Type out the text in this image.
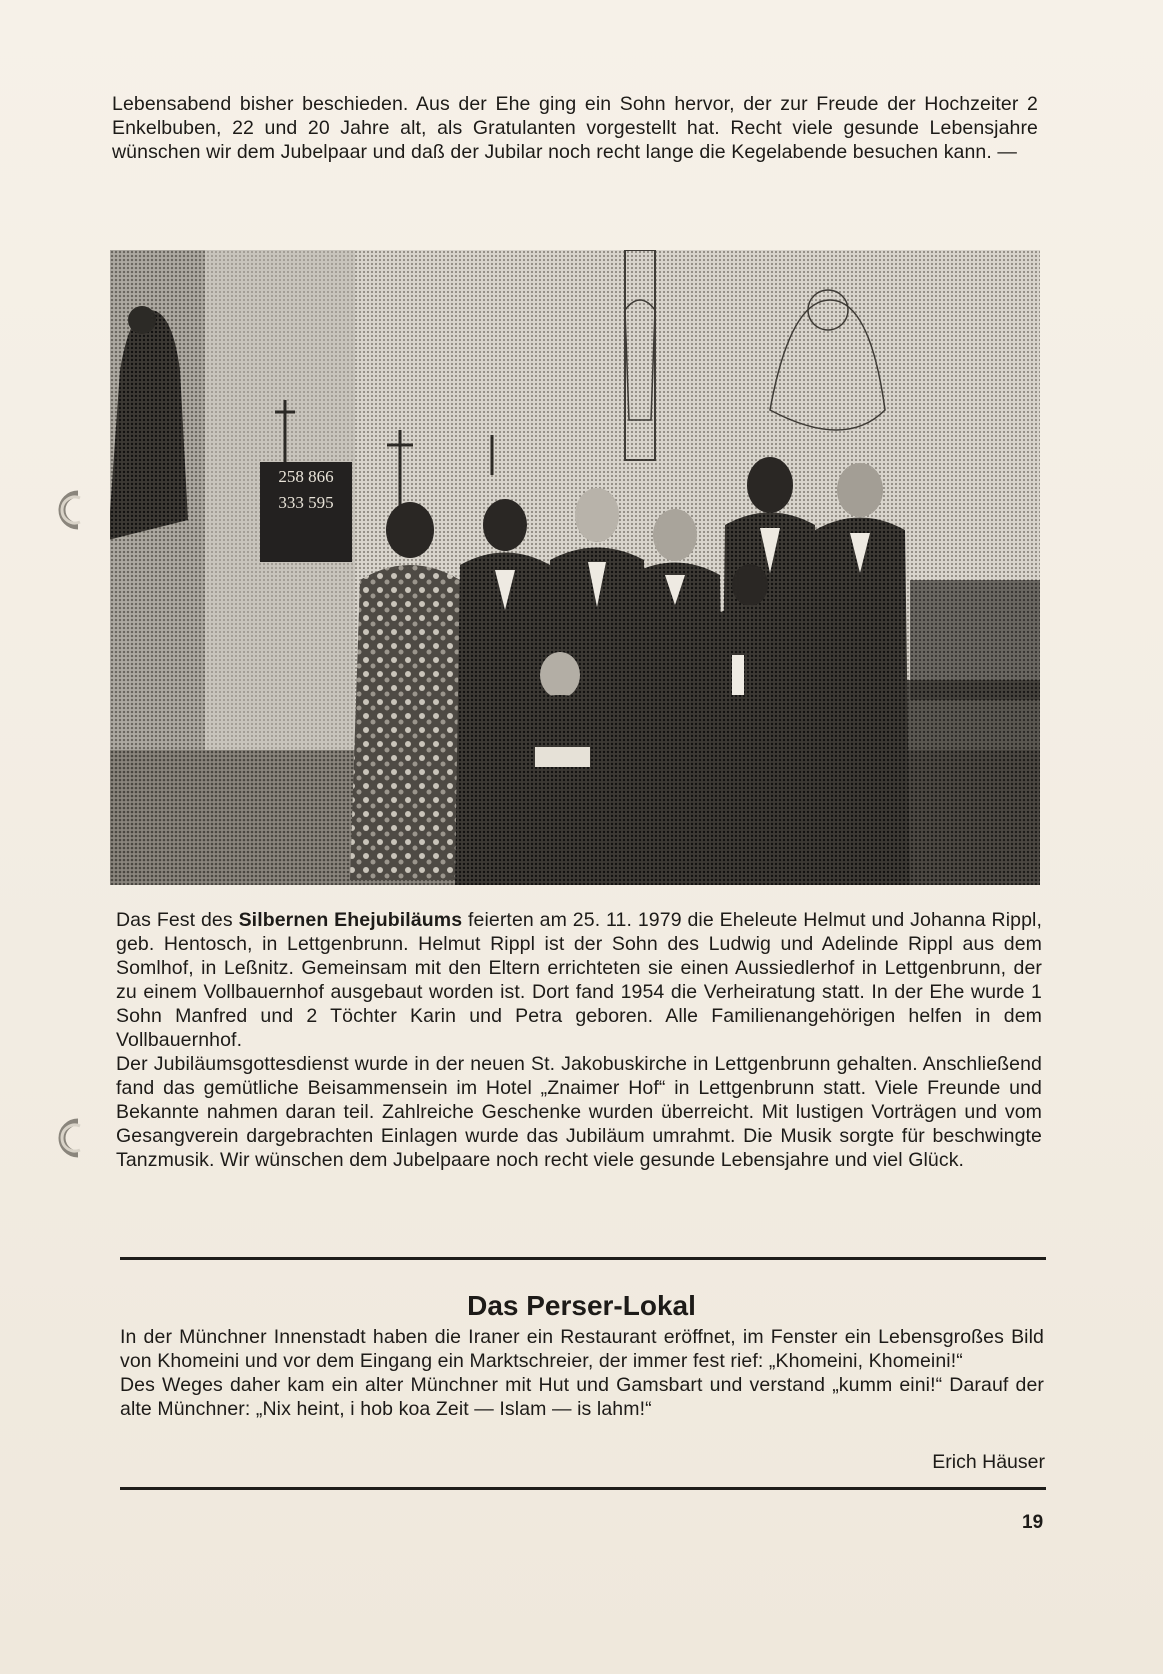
Lebensabend bisher beschieden. Aus der Ehe ging ein Sohn hervor, der zur Freude der Hochzeiter 2 Enkelbuben, 22 und 20 Jahre alt, als Gratulanten vorgestellt hat. Recht viele gesunde Lebensjahre wünschen wir dem Jubelpaar und daß der Jubilar noch recht lange die Kegelabende besuchen kann. —

258 866
333 595

Das Fest des Silbernen Ehejubiläums feierten am 25. 11. 1979 die Eheleute Helmut und Johanna Rippl, geb. Hentosch, in Lettgenbrunn. Helmut Rippl ist der Sohn des Ludwig und Adelinde Rippl aus dem Somlhof, in Leßnitz. Gemeinsam mit den Eltern errichteten sie einen Aussiedlerhof in Lettgenbrunn, der zu einem Vollbauernhof ausgebaut worden ist. Dort fand 1954 die Verheiratung statt. In der Ehe wurde 1 Sohn Manfred und 2 Töchter Karin und Petra geboren. Alle Familienangehörigen helfen in dem Vollbauernhof.

Der Jubiläumsgottesdienst wurde in der neuen St. Jakobuskirche in Lettgenbrunn gehalten. Anschließend fand das gemütliche Beisammensein im Hotel „Znaimer Hof“ in Lettgenbrunn statt. Viele Freunde und Bekannte nahmen daran teil. Zahlreiche Geschenke wurden überreicht. Mit lustigen Vorträgen und vom Gesangverein dargebrachten Einlagen wurde das Jubiläum umrahmt. Die Musik sorgte für beschwingte Tanzmusik. Wir wünschen dem Jubelpaare noch recht viele gesunde Lebensjahre und viel Glück.

Das Perser-Lokal

In der Münchner Innenstadt haben die Iraner ein Restaurant eröffnet, im Fenster ein Lebensgroßes Bild von Khomeini und vor dem Eingang ein Marktschreier, der immer fest rief: „Khomeini, Khomeini!“

Des Weges daher kam ein alter Münchner mit Hut und Gamsbart und verstand „kumm eini!“ Darauf der alte Münchner: „Nix heint, i hob koa Zeit — Islam — is lahm!“

Erich Häuser
19
